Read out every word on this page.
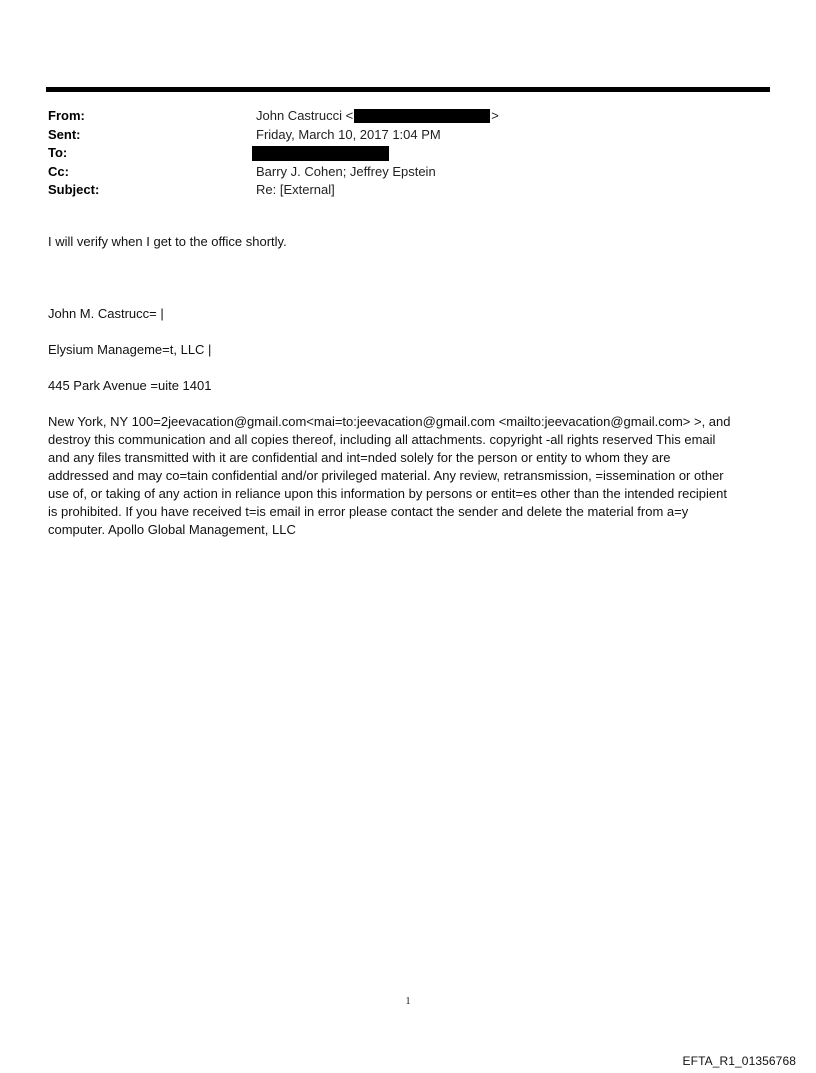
From:	John Castrucci <	>
Sent:	Friday, March 10, 2017 1:04 PM
To:
Cc:	Barry J. Cohen; Jeffrey Epstein
Subject:	Re: [External]

I will verify when I get to the office shortly.

John M. Castrucc= |

Elysium Manageme=t, LLC |

445 Park Avenue =uite 1401

New York, NY 100=2jeevacation@gmail.com<mai=to:jeevacation@gmail.com <mailto:jeevacation@gmail.com> >, and
destroy this communication and all copies thereof, including all attachments. copyright -all rights reserved This email
and any files transmitted with it are confidential and int=nded solely for the person or entity to whom they are
addressed and may co=tain confidential and/or privileged material. Any review, retransmission, =issemination or other
use of, or taking of any action in reliance upon this information by persons or entit=es other than the intended recipient
is prohibited. If you have received t=is email in error please contact the sender and delete the material from a=y
computer. Apollo Global Management, LLC
1
EFTA_R1_01356768
